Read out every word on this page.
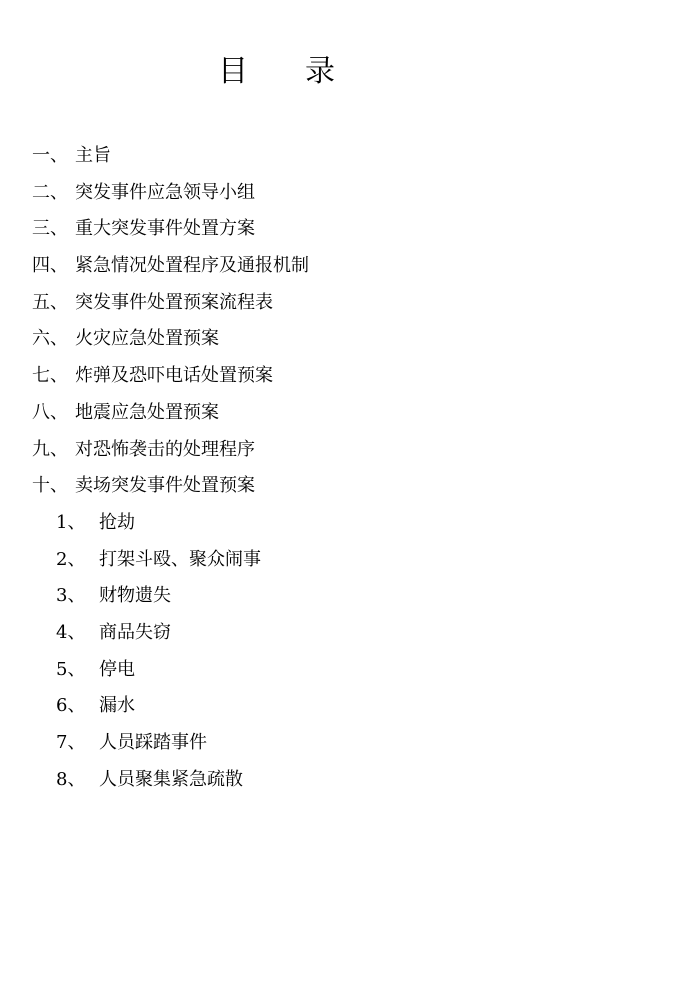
目 录
一、 主旨
二、 突发事件应急领导小组
三、 重大突发事件处置方案
四、 紧急情况处置程序及通报机制
五、 突发事件处置预案流程表
六、 火灾应急处置预案
七、 炸弹及恐吓电话处置预案
八、 地震应急处置预案
九、 对恐怖袭击的处理程序
十、 卖场突发事件处置预案
1、 抢劫
2、 打架斗殴、聚众闹事
3、 财物遗失
4、 商品失窃
5、 停电
6、 漏水
7、 人员踩踏事件
8、 人员聚集紧急疏散
